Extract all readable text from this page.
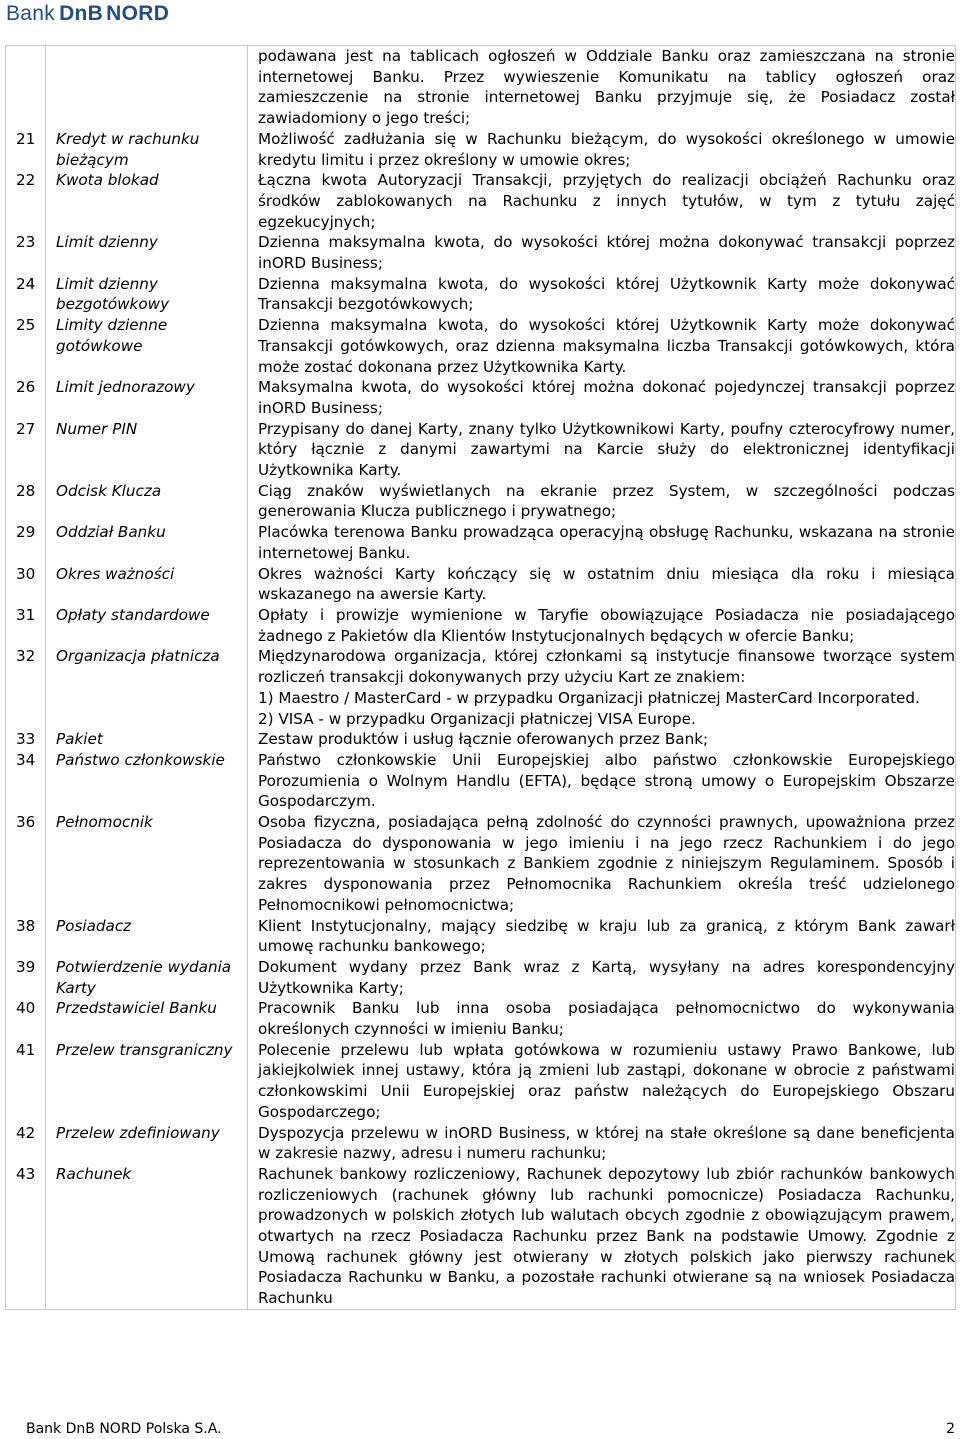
Bank DnB NORD
		podawana jest na tablicach ogłoszeń w Oddziale Banku oraz zamieszczana na stronie internetowej Banku. Przez wywieszenie Komunikatu na tablicy ogłoszeń oraz zamieszczenie na stronie internetowej Banku przyjmuje się, że Posiadacz został zawiadomiony o jego treści;
21	Kredyt w rachunku bieżącym	Możliwość zadłużania się w Rachunku bieżącym, do wysokości określonego w umowie kredytu limitu i przez określony w umowie okres;

22	Kwota blokad	Łączna kwota Autoryzacji Transakcji, przyjętych do realizacji obciążeń Rachunku oraz środków zablokowanych na Rachunku z innych tytułów, w tym z tytułu zajęć egzekucyjnych;

23	Limit dzienny	Dzienna maksymalna kwota, do wysokości której można dokonywać transakcji poprzez inORD Business;

24	Limit dzienny bezgotówkowy	Dzienna maksymalna kwota, do wysokości której Użytkownik Karty może dokonywać Transakcji bezgotówkowych;

25	Limity dzienne gotówkowe	Dzienna maksymalna kwota, do wysokości której Użytkownik Karty może dokonywać Transakcji gotówkowych, oraz dzienna maksymalna liczba Transakcji gotówkowych, która może zostać dokonana przez Użytkownika Karty.

26	Limit jednorazowy	Maksymalna kwota, do wysokości której można dokonać pojedynczej transakcji poprzez inORD Business;

27	Numer PIN	Przypisany do danej Karty, znany tylko Użytkownikowi Karty, poufny czterocyfrowy numer, który łącznie z danymi zawartymi na Karcie służy do elektronicznej identyfikacji Użytkownika Karty.

28	Odcisk Klucza	Ciąg znaków wyświetlanych na ekranie przez System, w szczególności podczas generowania Klucza publicznego i prywatnego;

29	Oddział Banku	Placówka terenowa Banku prowadząca operacyjną obsługę Rachunku, wskazana na stronie internetowej Banku.

30	Okres ważności	Okres ważności Karty kończący się w ostatnim dniu miesiąca dla roku i miesiąca wskazanego na awersie Karty.

31	Opłaty standardowe	Opłaty i prowizje wymienione w Taryfie obowiązujące Posiadacza nie posiadającego żadnego z Pakietów dla Klientów Instytucjonalnych będących w ofercie Banku;

32	Organizacja płatnicza	Międzynarodowa organizacja, której członkami są instytucje finansowe tworzące system rozliczeń transakcji dokonywanych przy użyciu Kart ze znakiem:
1) Maestro / MasterCard - w przypadku Organizacji płatniczej MasterCard Incorporated.
2) VISA - w przypadku Organizacji płatniczej VISA Europe.

33	Pakiet	Zestaw produktów i usług łącznie oferowanych przez Bank;

34	Państwo członkowskie	Państwo członkowskie Unii Europejskiej albo państwo członkowskie Europejskiego Porozumienia o Wolnym Handlu (EFTA), będące stroną umowy o Europejskim Obszarze Gospodarczym.

36	Pełnomocnik	Osoba fizyczna, posiadająca pełną zdolność do czynności prawnych, upoważniona przez Posiadacza do dysponowania w jego imieniu i na jego rzecz Rachunkiem i do jego reprezentowania w stosunkach z Bankiem zgodnie z niniejszym Regulaminem. Sposób i zakres dysponowania przez Pełnomocnika Rachunkiem określa treść udzielonego Pełnomocnikowi pełnomocnictwa;

38	Posiadacz	Klient Instytucjonalny, mający siedzibę w kraju lub za granicą, z którym Bank zawarł umowę rachunku bankowego;

39	Potwierdzenie wydania Karty	Dokument wydany przez Bank wraz z Kartą, wysyłany na adres korespondencyjny Użytkownika Karty;

40	Przedstawiciel Banku	Pracownik Banku lub inna osoba posiadająca pełnomocnictwo do wykonywania określonych czynności w imieniu Banku;

41	Przelew transgraniczny	Polecenie przelewu lub wpłata gotówkowa w rozumieniu ustawy Prawo Bankowe, lub jakiejkolwiek innej ustawy, która ją zmieni lub zastąpi, dokonane w obrocie z państwami członkowskimi Unii Europejskiej oraz państw należących do Europejskiego Obszaru Gospodarczego;

42	Przelew zdefiniowany	Dyspozycja przelewu w inORD Business, w której na stałe określone są dane beneficjenta w zakresie nazwy, adresu i numeru rachunku;

43	Rachunek	Rachunek bankowy rozliczeniowy, Rachunek depozytowy lub zbiór rachunków bankowych rozliczeniowych (rachunek główny lub rachunki pomocnicze) Posiadacza Rachunku, prowadzonych w polskich złotych lub walutach obcych zgodnie z obowiązującym prawem, otwartych na rzecz Posiadacza Rachunku przez Bank na podstawie Umowy. Zgodnie z Umową rachunek główny jest otwierany w złotych polskich jako pierwszy rachunek Posiadacza Rachunku w Banku, a pozostałe rachunki otwierane są na wniosek Posiadacza Rachunku
Bank DnB NORD Polska S.A.	2
